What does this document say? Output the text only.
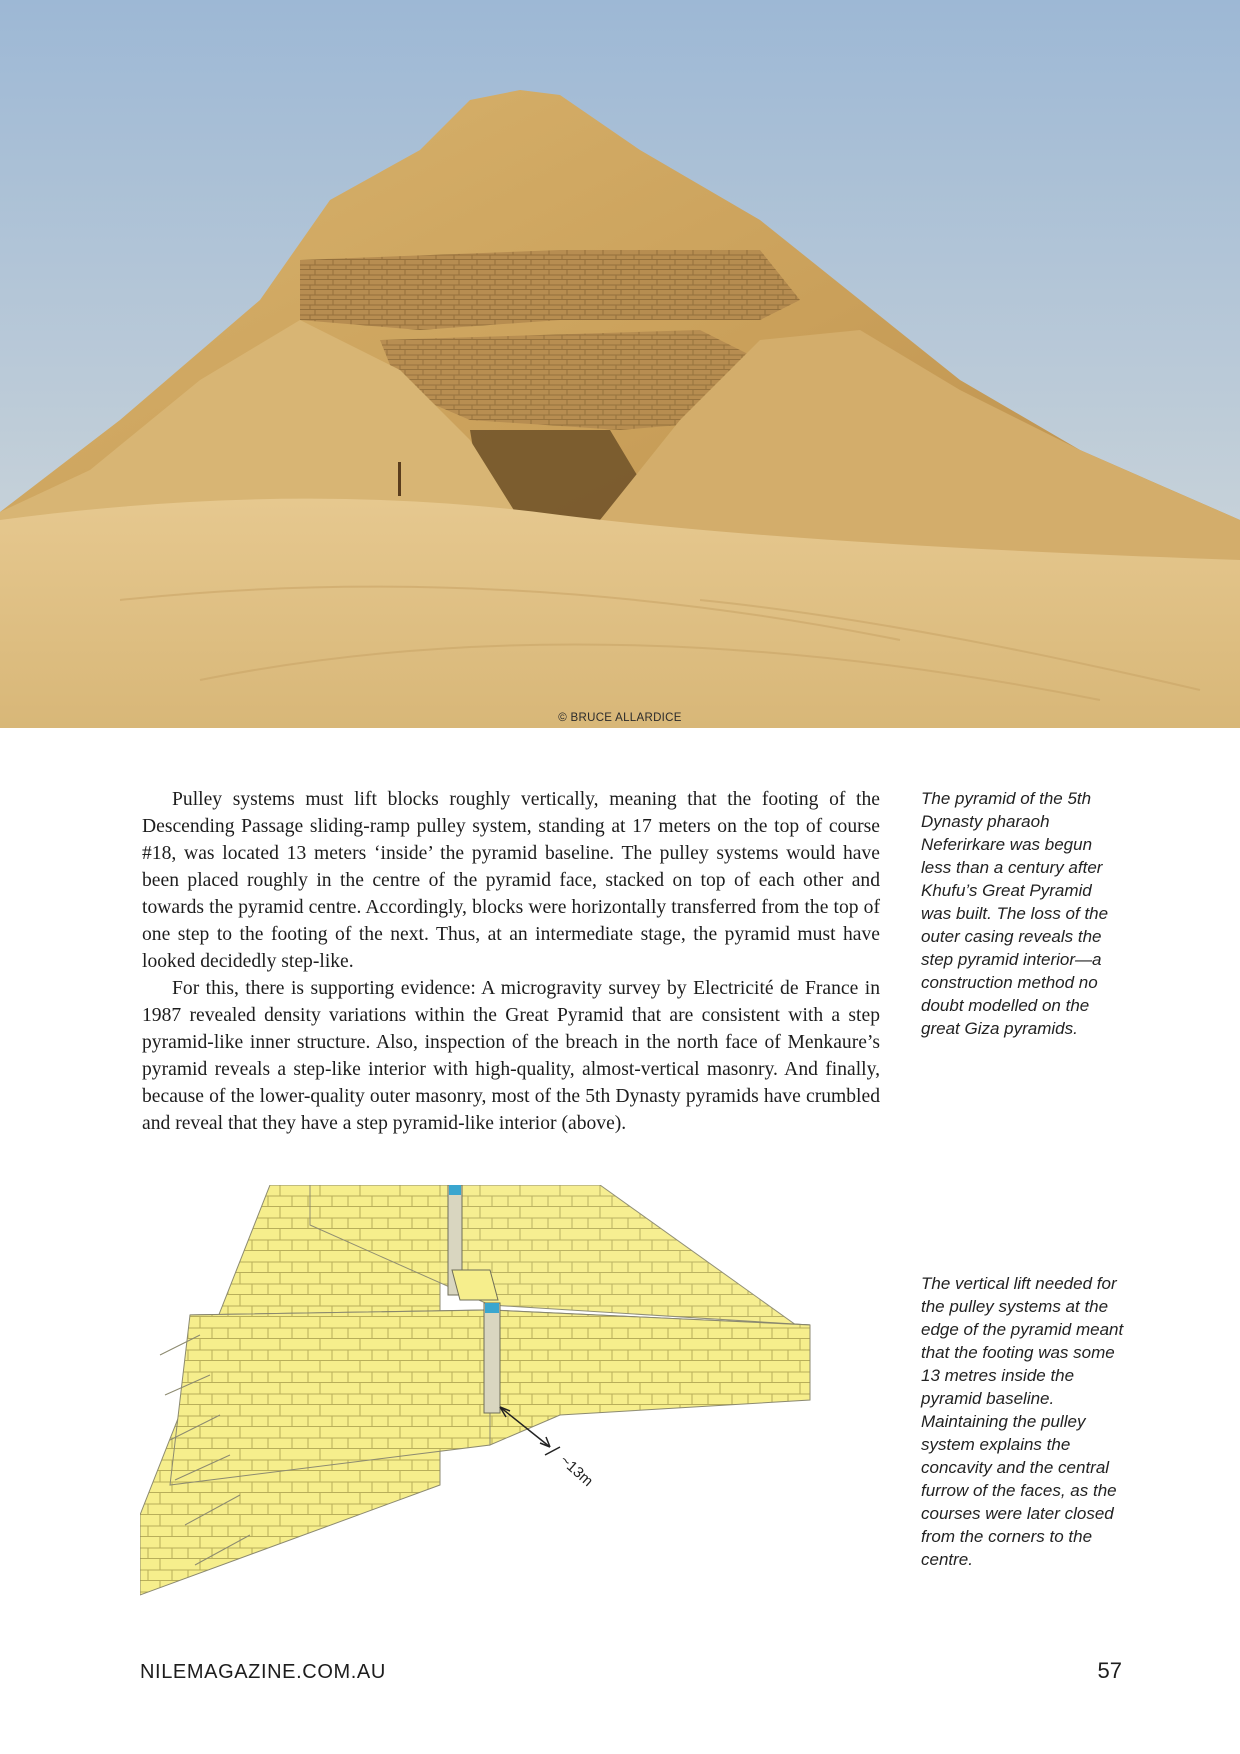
© BRUCE ALLARDICE

Pulley systems must lift blocks roughly vertically, meaning that the footing of the Descending Passage sliding-ramp pulley system, standing at 17 meters on the top of course #18, was located 13 meters ‘inside’ the pyramid baseline. The pulley systems would have been placed roughly in the centre of the pyramid face, stacked on top of each other and towards the pyramid centre. Accordingly, blocks were horizontally transferred from the top of one step to the footing of the next. Thus, at an intermediate stage, the pyramid must have looked decidedly step-like.

For this, there is supporting evidence: A microgravity survey by Electricité de France in 1987 revealed density variations within the Great Pyramid that are consistent with a step pyramid-like inner structure. Also, inspection of the breach in the north face of Menkaure’s pyramid reveals a step-like interior with high-quality, almost-vertical masonry. And finally, because of the lower-quality outer masonry, most of the 5th Dynasty pyramids have crumbled and reveal that they have a step pyramid-like interior (above).

The pyramid of the 5th Dynasty pharaoh Neferirkare was begun less than a century after Khufu’s Great Pyramid was built. The loss of the outer casing reveals the step pyramid interior—a construction method no doubt modelled on the great Giza pyramids.
The vertical lift needed for the pulley systems at the edge of the pyramid meant that the footing was some 13 metres inside the pyramid baseline. Maintaining the pulley system explains the concavity and the central furrow of the faces, as the courses were later closed from the corners to the centre.
~13m
NILEMAGAZINE.COM.AU	57
